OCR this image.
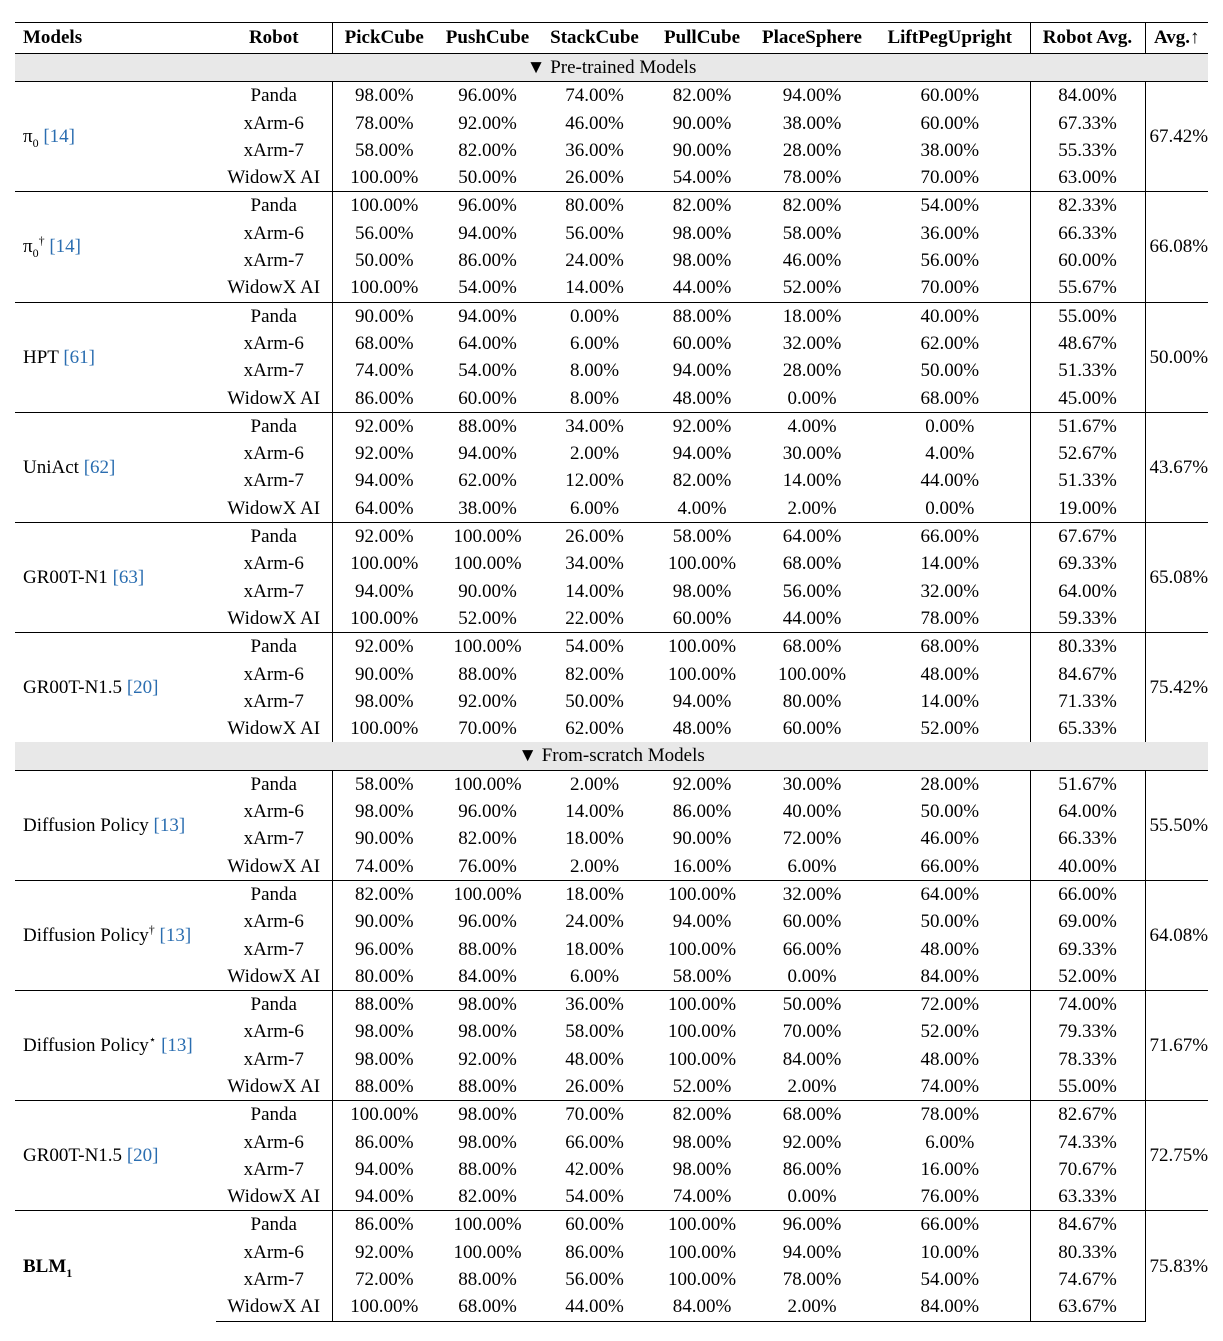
Models	Robot	PickCube	PushCube	StackCube	PullCube	PlaceSphere	LiftPegUpright	Robot Avg.	Avg.↑
▼ Pre-trained Models									
$\pi_0$ [14]	Panda	98.00%	96.00%	74.00%	82.00%	94.00%	60.00%	84.00%	67.42%
	xArm-6	78.00%	92.00%	46.00%	90.00%	38.00%	60.00%	67.33%	
	xArm-7	58.00%	82.00%	36.00%	90.00%	28.00%	38.00%	55.33%	
	WidowX AI	100.00%	50.00%	26.00%	54.00%	78.00%	70.00%	63.00%	
$\pi_0^\dagger$ [14]	Panda	100.00%	96.00%	80.00%	82.00%	82.00%	54.00%	82.33%	66.08%
	xArm-6	56.00%	94.00%	56.00%	98.00%	58.00%	36.00%	66.33%	
	xArm-7	50.00%	86.00%	24.00%	98.00%	46.00%	56.00%	60.00%	
	WidowX AI	100.00%	54.00%	14.00%	44.00%	52.00%	70.00%	55.67%	
HPT [61]	Panda	90.00%	94.00%	0.00%	88.00%	18.00%	40.00%	55.00%	50.00%
	xArm-6	68.00%	64.00%	6.00%	60.00%	32.00%	62.00%	48.67%	
	xArm-7	74.00%	54.00%	8.00%	94.00%	28.00%	50.00%	51.33%	
	WidowX AI	86.00%	60.00%	8.00%	48.00%	0.00%	68.00%	45.00%	
UniAct [62]	Panda	92.00%	88.00%	34.00%	92.00%	4.00%	0.00%	51.67%	43.67%
	xArm-6	92.00%	94.00%	2.00%	94.00%	30.00%	4.00%	52.67%	
	xArm-7	94.00%	62.00%	12.00%	82.00%	14.00%	44.00%	51.33%	
	WidowX AI	64.00%	38.00%	6.00%	4.00%	2.00%	0.00%	19.00%	
GR00T-N1 [63]	Panda	92.00%	100.00%	26.00%	58.00%	64.00%	66.00%	67.67%	65.08%
	xArm-6	100.00%	100.00%	34.00%	100.00%	68.00%	14.00%	69.33%	
	xArm-7	94.00%	90.00%	14.00%	98.00%	56.00%	32.00%	64.00%	
	WidowX AI	100.00%	52.00%	22.00%	60.00%	44.00%	78.00%	59.33%	
GR00T-N1.5 [20]	Panda	92.00%	100.00%	54.00%	100.00%	68.00%	68.00%	80.33%	75.42%
	xArm-6	90.00%	88.00%	82.00%	100.00%	100.00%	48.00%	84.67%	
	xArm-7	98.00%	92.00%	50.00%	94.00%	80.00%	14.00%	71.33%	
	WidowX AI	100.00%	70.00%	62.00%	48.00%	60.00%	52.00%	65.33%	
▼ From-scratch Models									
Diffusion Policy [13]	Panda	58.00%	100.00%	2.00%	92.00%	30.00%	28.00%	51.67%	55.50%
	xArm-6	98.00%	96.00%	14.00%	86.00%	40.00%	50.00%	64.00%	
	xArm-7	90.00%	82.00%	18.00%	90.00%	72.00%	46.00%	66.33%	
	WidowX AI	74.00%	76.00%	2.00%	16.00%	6.00%	66.00%	40.00%	
Diffusion Policy† [13]	Panda	82.00%	100.00%	18.00%	100.00%	32.00%	64.00%	66.00%	64.08%
	xArm-6	90.00%	96.00%	24.00%	94.00%	60.00%	50.00%	69.00%	
	xArm-7	96.00%	88.00%	18.00%	100.00%	66.00%	48.00%	69.33%	
	WidowX AI	80.00%	84.00%	6.00%	58.00%	0.00%	84.00%	52.00%	
Diffusion Policy⋆ [13]	Panda	88.00%	98.00%	36.00%	100.00%	50.00%	72.00%	74.00%	71.67%
	xArm-6	98.00%	98.00%	58.00%	100.00%	70.00%	52.00%	79.33%	
	xArm-7	98.00%	92.00%	48.00%	100.00%	84.00%	48.00%	78.33%	
	WidowX AI	88.00%	88.00%	26.00%	52.00%	2.00%	74.00%	55.00%	
GR00T-N1.5 [20]	Panda	100.00%	98.00%	70.00%	82.00%	68.00%	78.00%	82.67%	72.75%
	xArm-6	86.00%	98.00%	66.00%	98.00%	92.00%	6.00%	74.33%	
	xArm-7	94.00%	88.00%	42.00%	98.00%	86.00%	16.00%	70.67%	
	WidowX AI	94.00%	82.00%	54.00%	74.00%	0.00%	76.00%	63.33%	
$BLM_1$	Panda	86.00%	100.00%	60.00%	100.00%	96.00%	66.00%	84.67%	75.83%
	xArm-6	92.00%	100.00%	86.00%	100.00%	94.00%	10.00%	80.33%	
	xArm-7	72.00%	88.00%	56.00%	100.00%	78.00%	54.00%	74.67%	
	WidowX AI	100.00%	68.00%	44.00%	84.00%	2.00%	84.00%	63.67%	
